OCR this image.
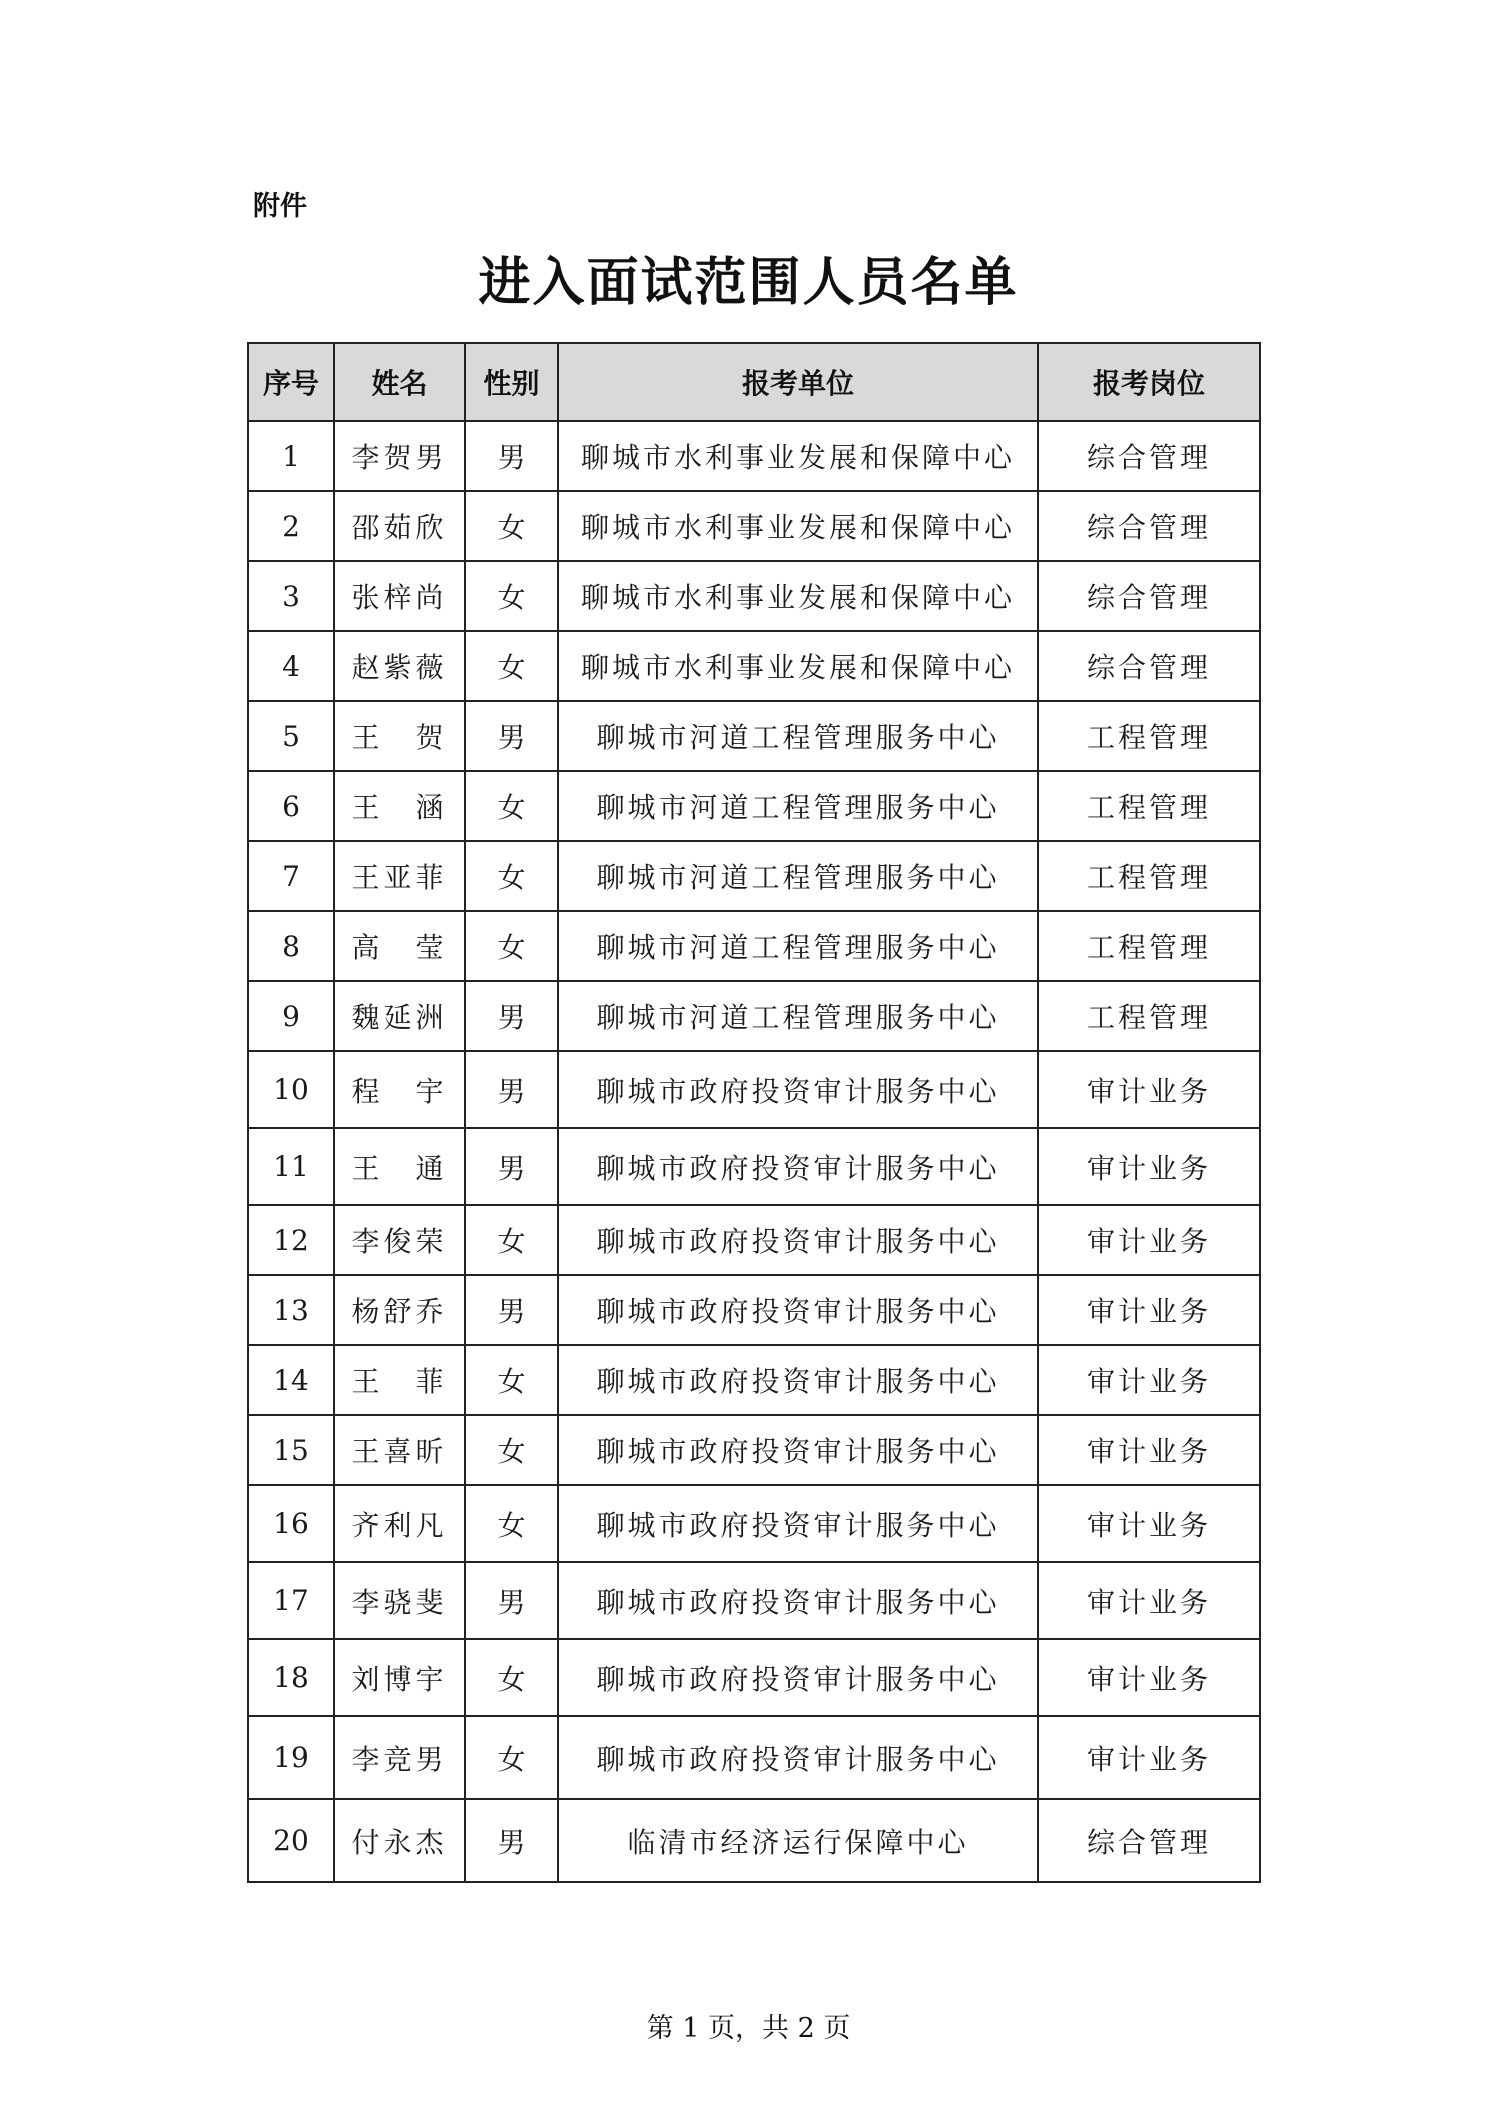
附件
进入面试范围人员名单
序号	姓名	性别	报考单位	报考岗位
1	李贺男	男	聊城市水利事业发展和保障中心	综合管理
2	邵茹欣	女	聊城市水利事业发展和保障中心	综合管理
3	张梓尚	女	聊城市水利事业发展和保障中心	综合管理
4	赵紫薇	女	聊城市水利事业发展和保障中心	综合管理
5	王　贺	男	聊城市河道工程管理服务中心	工程管理
6	王　涵	女	聊城市河道工程管理服务中心	工程管理
7	王亚菲	女	聊城市河道工程管理服务中心	工程管理
8	高　莹	女	聊城市河道工程管理服务中心	工程管理
9	魏延洲	男	聊城市河道工程管理服务中心	工程管理
10	程　宇	男	聊城市政府投资审计服务中心	审计业务
11	王　通	男	聊城市政府投资审计服务中心	审计业务
12	李俊荣	女	聊城市政府投资审计服务中心	审计业务
13	杨舒乔	男	聊城市政府投资审计服务中心	审计业务
14	王　菲	女	聊城市政府投资审计服务中心	审计业务
15	王喜昕	女	聊城市政府投资审计服务中心	审计业务
16	齐利凡	女	聊城市政府投资审计服务中心	审计业务
17	李骁斐	男	聊城市政府投资审计服务中心	审计业务
18	刘博宇	女	聊城市政府投资审计服务中心	审计业务
19	李竞男	女	聊城市政府投资审计服务中心	审计业务
20	付永杰	男	临清市经济运行保障中心	综合管理
第 1 页，共 2 页
